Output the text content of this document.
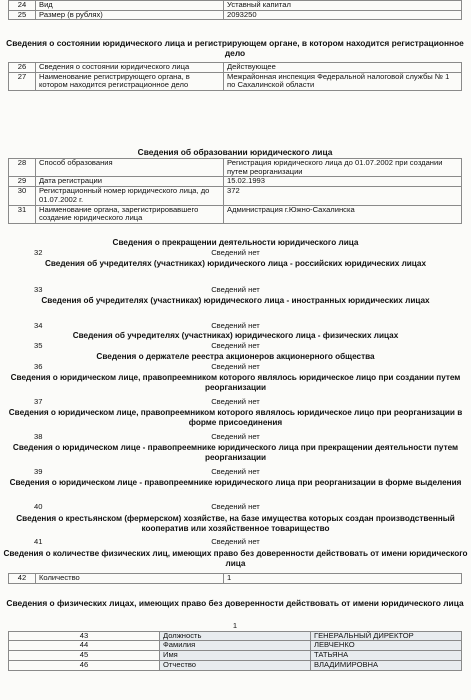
24	Вид	Уставный капитал
25	Размер (в рублях)	2093250
Сведения о состоянии юридического лица и регистрирующем органе, в котором находится регистрационное дело
26	Сведения о состоянии юридического лица	Действующее
27	Наименование регистрирующего органа, в котором находится регистрационное дело	Межрайонная инспекция Федеральной налоговой службы № 1 по Сахалинской области
Сведения об образовании юридического лица
28	Способ образования	Регистрация юридического лица до 01.07.2002 при создании путем реорганизации
29	Дата регистрации	15.02.1993
30	Регистрационный номер юридического лица, до 01.07.2002 г.	372
31	Наименование органа, зарегистрировавшего создание юридического лица	Администрация г.Южно-Сахалинска
Сведения о прекращении деятельности юридического лица
32	Сведений нет
Сведения об учредителях (участниках) юридического лица - российских юридических лицах
33	Сведений нет
Сведения об учредителях (участниках) юридического лица - иностранных юридических лицах
34	Сведений нет
Сведения об учредителях (участниках) юридического лица - физических лицах
35	Сведений нет
Сведения о держателе реестра акционеров акционерного общества
36	Сведений нет
Сведения о юридическом лице, правопреемником которого являлось юридическое лицо при создании путем реорганизации
37	Сведений нет
Сведения о юридическом лице, правопреемником которого являлось юридическое лицо при реорганизации в форме присоединения
38	Сведений нет
Сведения о юридическом лице - правопреемнике юридического лица при прекращении деятельности путем реорганизации
39	Сведений нет
Сведения о юридическом лице - правопреемнике юридического лица при реорганизации в форме выделения
40	Сведений нет
Сведения о крестьянском (фермерском) хозяйстве, на базе имущества которых создан производственный кооператив или хозяйственное товарищество
41	Сведений нет
Сведения о количестве физических лиц, имеющих право без доверенности действовать от имени юридического лица
42	Количество	1
Сведения о физических лицах, имеющих право без доверенности действовать от имени юридического лица
1		
43	Должность	ГЕНЕРАЛЬНЫЙ ДИРЕКТОР
44	Фамилия	ЛЕВЧЕНКО
45	Имя	ТАТЬЯНА
46	Отчество	ВЛАДИМИРОВНА
